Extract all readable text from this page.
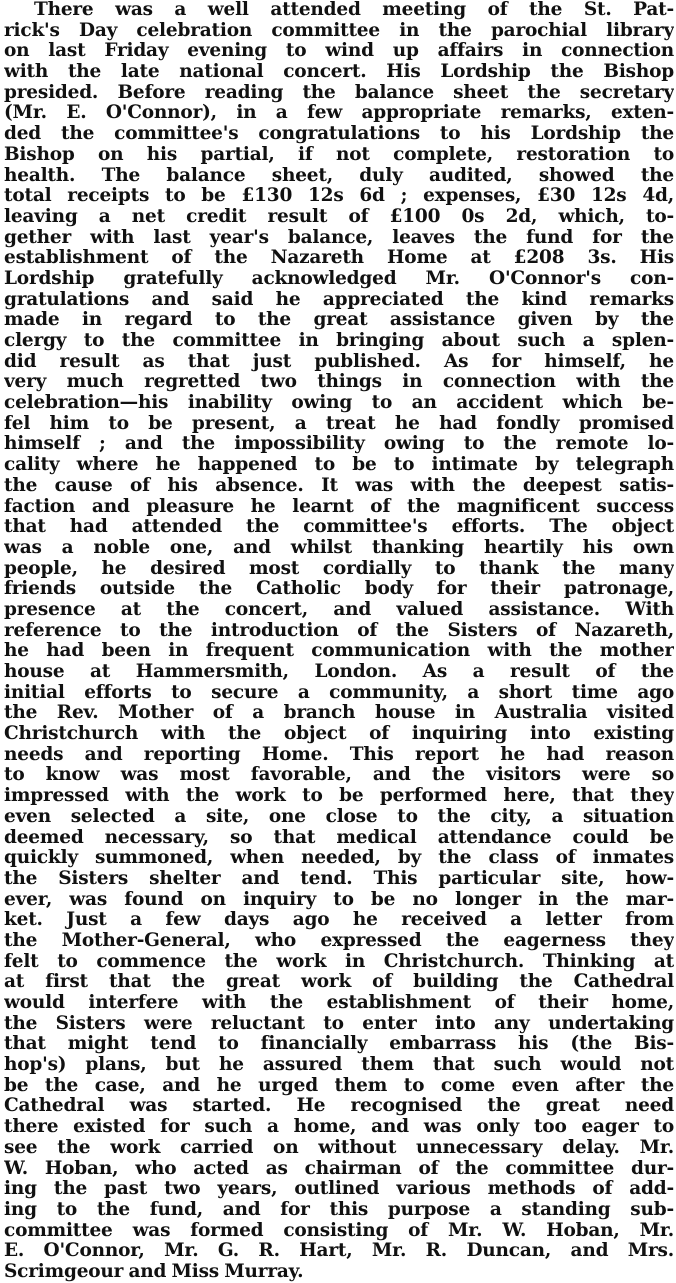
There was a well attended meeting of the St. Pat-
rick's Day celebration committee in the parochial library
on last Friday evening to wind up affairs in connection
with the late national concert. His Lordship the Bishop
presided. Before reading the balance sheet the secretary
(Mr. E. O'Connor), in a few appropriate remarks, exten-
ded the committee's congratulations to his Lordship the
Bishop on his partial, if not complete, restoration to
health. The balance sheet, duly audited, showed the
total receipts to be £130 12s 6d ; expenses, £30 12s 4d,
leaving a net credit result of £100 0s 2d, which, to-
gether with last year's balance, leaves the fund for the
establishment of the Nazareth Home at £208 3s. His
Lordship gratefully acknowledged Mr. O'Connor's con-
gratulations and said he appreciated the kind remarks
made in regard to the great assistance given by the
clergy to the committee in bringing about such a splen-
did result as that just published. As for himself, he
very much regretted two things in connection with the
celebration—his inability owing to an accident which be-
fel him to be present, a treat he had fondly promised
himself ; and the impossibility owing to the remote lo-
cality where he happened to be to intimate by telegraph
the cause of his absence. It was with the deepest satis-
faction and pleasure he learnt of the magnificent success
that had attended the committee's efforts. The object
was a noble one, and whilst thanking heartily his own
people, he desired most cordially to thank the many
friends outside the Catholic body for their patronage,
presence at the concert, and valued assistance. With
reference to the introduction of the Sisters of Nazareth,
he had been in frequent communication with the mother
house at Hammersmith, London. As a result of the
initial efforts to secure a community, a short time ago
the Rev. Mother of a branch house in Australia visited
Christchurch with the object of inquiring into existing
needs and reporting Home. This report he had reason
to know was most favorable, and the visitors were so
impressed with the work to be performed here, that they
even selected a site, one close to the city, a situation
deemed necessary, so that medical attendance could be
quickly summoned, when needed, by the class of inmates
the Sisters shelter and tend. This particular site, how-
ever, was found on inquiry to be no longer in the mar-
ket. Just a few days ago he received a letter from
the Mother-General, who expressed the eagerness they
felt to commence the work in Christchurch. Thinking at
at first that the great work of building the Cathedral
would interfere with the establishment of their home,
the Sisters were reluctant to enter into any undertaking
that might tend to financially embarrass his (the Bis-
hop's) plans, but he assured them that such would not
be the case, and he urged them to come even after the
Cathedral was started. He recognised the great need
there existed for such a home, and was only too eager to
see the work carried on without unnecessary delay. Mr.
W. Hoban, who acted as chairman of the committee dur-
ing the past two years, outlined various methods of add-
ing to the fund, and for this purpose a standing sub-
committee was formed consisting of Mr. W. Hoban, Mr.
E. O'Connor, Mr. G. R. Hart, Mr. R. Duncan, and Mrs.
Scrimgeour and Miss Murray.
